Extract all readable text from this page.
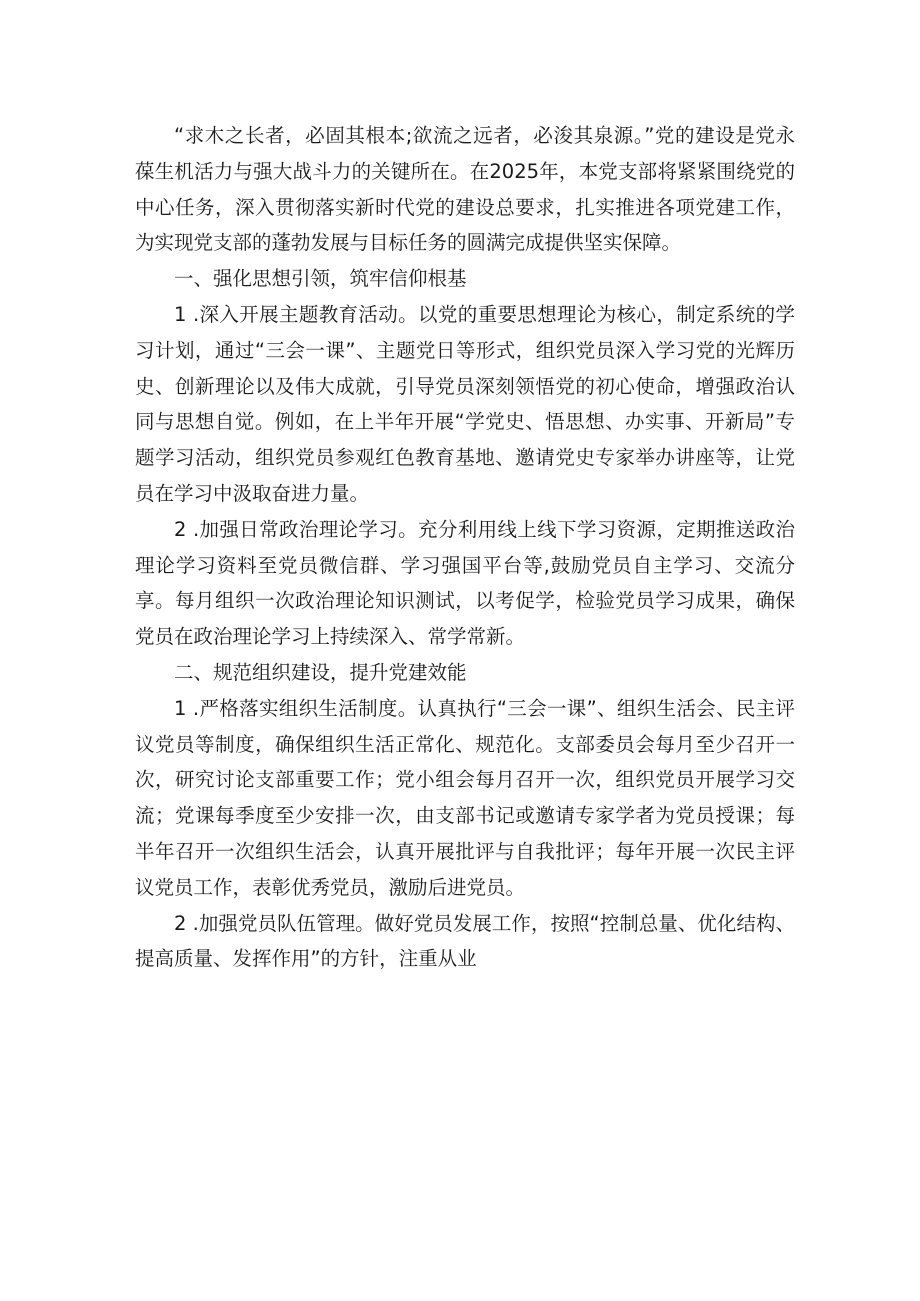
“求木之长者，必固其根本;欲流之远者，必浚其泉源。”党的建设是党永葆生机活力与强大战斗力的关键所在。在2025年，本党支部将紧紧围绕党的中心任务，深入贯彻落实新时代党的建设总要求，扎实推进各项党建工作，为实现党支部的蓬勃发展与目标任务的圆满完成提供坚实保障。

一、强化思想引领，筑牢信仰根基

1 .深入开展主题教育活动。以党的重要思想理论为核心，制定系统的学习计划，通过“三会一课”、主题党日等形式，组织党员深入学习党的光辉历史、创新理论以及伟大成就，引导党员深刻领悟党的初心使命，增强政治认同与思想自觉。例如，在上半年开展“学党史、悟思想、办实事、开新局”专题学习活动，组织党员参观红色教育基地、邀请党史专家举办讲座等，让党员在学习中汲取奋进力量。

2 .加强日常政治理论学习。充分利用线上线下学习资源，定期推送政治理论学习资料至党员微信群、学习强国平台等,鼓励党员自主学习、交流分享。每月组织一次政治理论知识测试，以考促学，检验党员学习成果，确保党员在政治理论学习上持续深入、常学常新。

二、规范组织建设，提升党建效能

1 .严格落实组织生活制度。认真执行“三会一课”、组织生活会、民主评议党员等制度，确保组织生活正常化、规范化。支部委员会每月至少召开一次，研究讨论支部重要工作；党小组会每月召开一次，组织党员开展学习交流；党课每季度至少安排一次，由支部书记或邀请专家学者为党员授课；每半年召开一次组织生活会，认真开展批评与自我批评；每年开展一次民主评议党员工作，表彰优秀党员，激励后进党员。

2 .加强党员队伍管理。做好党员发展工作，按照“控制总量、优化结构、提高质量、发挥作用”的方针，注重从业
